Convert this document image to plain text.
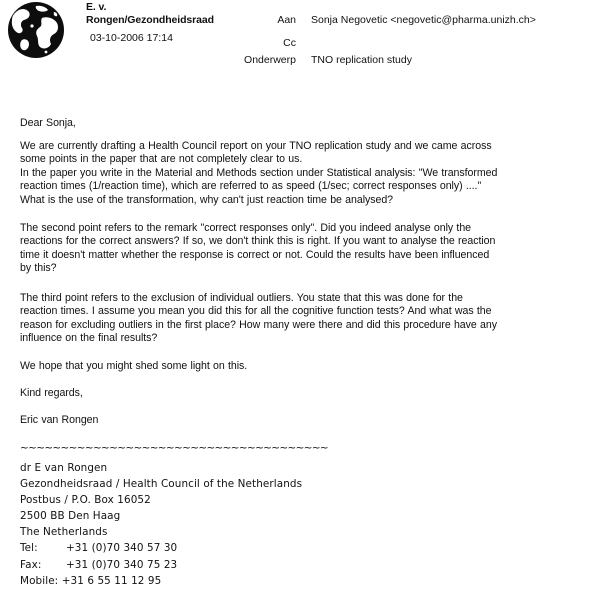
E. v.
Rongen/Gezondheidsraad
03-10-2006 17:14
Aan Sonja Negovetic <negovetic@pharma.unizh.ch>
Cc
Onderwerp TNO replication study
Dear Sonja,
We are currently drafting a Health Council report on your TNO replication study and we came across
some points in the paper that are not completely clear to us.
In the paper you write in the Material and Methods section under Statistical analysis: "We transformed
reaction times (1/reaction time), which are referred to as speed (1/sec; correct responses only) ...."
What is the use of the transformation, why can't just reaction time be analysed?
The second point refers to the remark "correct responses only". Did you indeed analyse only the
reactions for the correct answers? If so, we don't think this is right. If you want to analyse the reaction
time it doesn't matter whether the response is correct or not. Could the results have been influenced
by this?
The third point refers to the exclusion of individual outliers. You state that this was done for the
reaction times. I assume you mean you did this for all the cognitive function tests? And what was the
reason for excluding outliers in the first place? How many were there and did this procedure have any
influence on the final results?
We hope that you might shed some light on this.
Kind regards,
Eric van Rongen
~~~~~~~~~~~~~~~~~~~~~~~~~~~~~~~~~~~~~~
dr E van Rongen
Gezondheidsraad / Health Council of the Netherlands
Postbus / P.O. Box 16052
2500 BB Den Haag
The Netherlands
Tel:	+31 (0)70 340 57 30
Fax: +31 (0)70 340 75 23
Mobile: +31 6 55 11 12 95
